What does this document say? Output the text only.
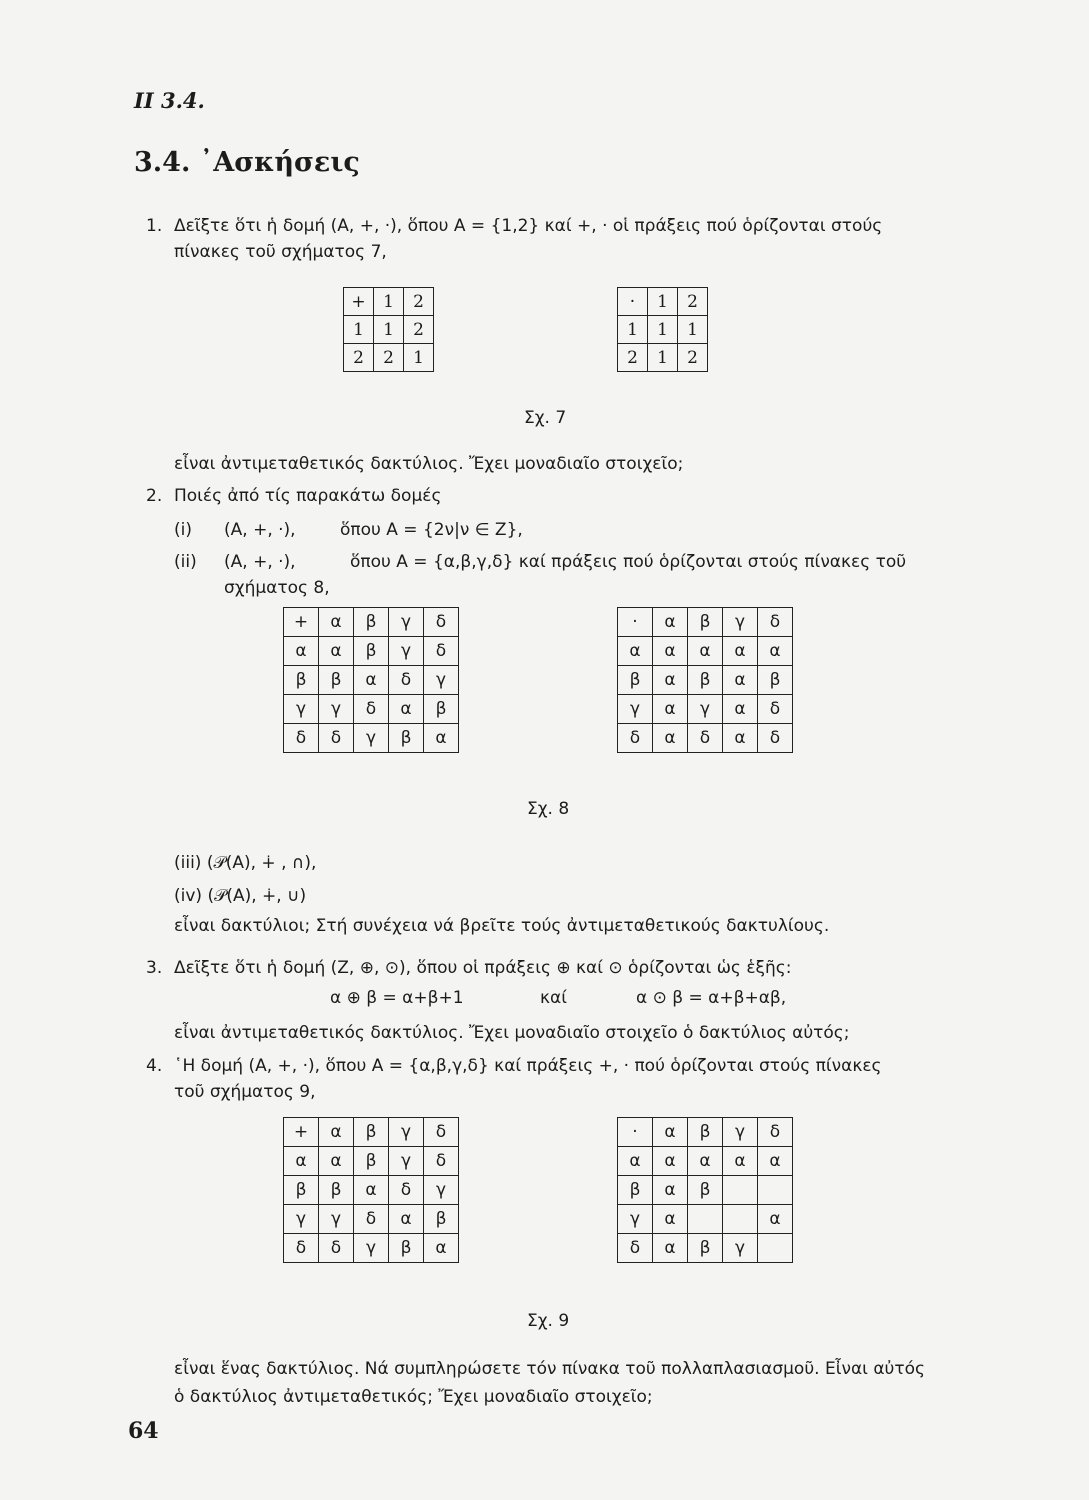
II 3.4.
3.4. ᾿Ασκήσεις
1. Δεῖξτε ὅτι ἡ δομή (Α, +, ·), ὅπου Α = {1,2} καί +, · οἱ πράξεις πού ὁρίζονται στούς
πίνακες τοῦ σχήματος 7,
+	1	2
1	1	2
2	2	1
·	1	2
1	1	1
2	1	2
Σχ. 7
εἶναι ἀντιμεταθετικός δακτύλιος. Ἔχει μοναδιαῖο στοιχεῖο;
2. Ποιές ἀπό τίς παρακάτω δομές
(i) (Α, +, ·),	ὅπου Α = {2ν|ν ∈ Ζ},
(ii) (Α, +, ·),	ὅπου Α = {α,β,γ,δ} καί πράξεις πού ὁρίζονται στούς πίνακες τοῦ
σχήματος 8,
+	α	β	γ	δ
α	α	β	γ	δ
β	β	α	δ	γ
γ	γ	δ	α	β
δ	δ	γ	β	α
·	α	β	γ	δ
α	α	α	α	α
β	α	β	α	β
γ	α	γ	α	δ
δ	α	δ	α	δ
Σχ. 8
(iii) (𝒫(Α), ∔ , ∩),
(iv) (𝒫(Α), ∔, ∪)
εἶναι δακτύλιοι; Στή συνέχεια νά βρεῖτε τούς ἀντιμεταθετικούς δακτυλίους.
3. Δεῖξτε ὅτι ἡ δομή (Ζ, ⊕, ⊙), ὅπου οἱ πράξεις ⊕ καί ⊙ ὁρίζονται ὡς ἑξῆς:
α ⊕ β = α+β+1	καί	α ⊙ β = α+β+αβ,
εἶναι ἀντιμεταθετικός δακτύλιος. Ἔχει μοναδιαῖο στοιχεῖο ὁ δακτύλιος αὐτός;
4. ῾Η δομή (Α, +, ·), ὅπου Α = {α,β,γ,δ} καί πράξεις +, · πού ὁρίζονται στούς πίνακες
τοῦ σχήματος 9,
+	α	β	γ	δ
α	α	β	γ	δ
β	β	α	δ	γ
γ	γ	δ	α	β
δ	δ	γ	β	α
·	α	β	γ	δ
α	α	α	α	α
β	α	β		
γ	α			α
δ	α	β	γ	
Σχ. 9
εἶναι ἕνας δακτύλιος. Νά συμπληρώσετε τόν πίνακα τοῦ πολλαπλασιασμοῦ. Εἶναι αὐτός
ὁ δακτύλιος ἀντιμεταθετικός; Ἔχει μοναδιαῖο στοιχεῖο;
64
